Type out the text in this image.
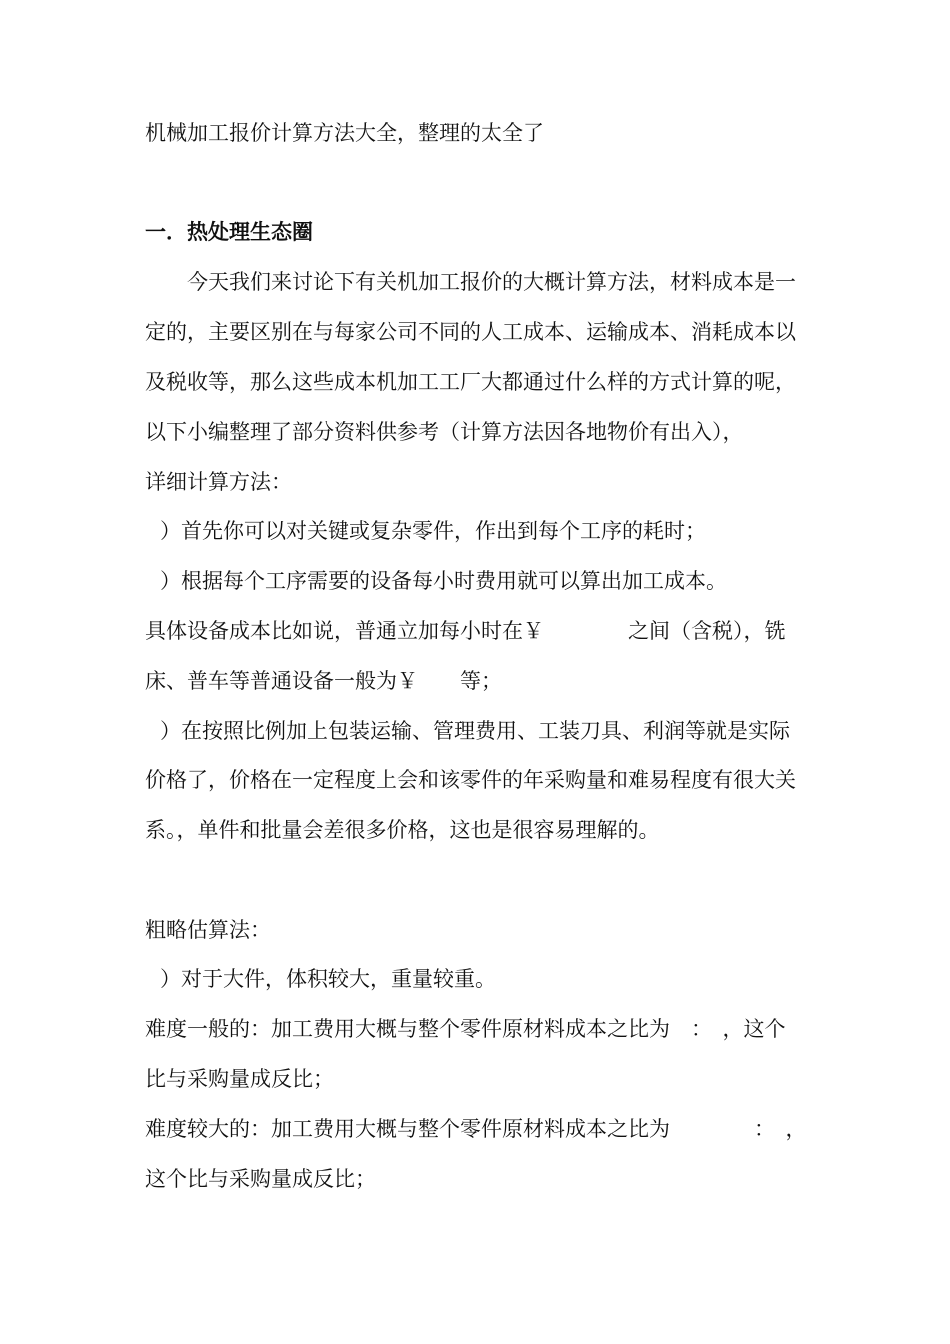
机械加工报价计算方法大全，整理的太全了

一．热处理生态圈

今天我们来讨论下有关机加工报价的大概计算方法，材料成本是一

定的，主要区别在与每家公司不同的人工成本、运输成本、消耗成本以

及税收等，那么这些成本机加工工厂大都通过什么样的方式计算的呢，

以下小编整理了部分资料供参考（计算方法因各地物价有出入），

详细计算方法：

）首先你可以对关键或复杂零件，作出到每个工序的耗时；

）根据每个工序需要的设备每小时费用就可以算出加工成本。

具体设备成本比如说，普通立加每小时在￥　　　　之间（含税），铣

床、普车等普通设备一般为￥　　等；

）在按照比例加上包装运输、管理费用、工装刀具、利润等就是实际

价格了，价格在一定程度上会和该零件的年采购量和难易程度有很大关

系。，单件和批量会差很多价格，这也是很容易理解的。

粗略估算法：

）对于大件，体积较大，重量较重。

难度一般的：加工费用大概与整个零件原材料成本之比为　：　，这个

比与采购量成反比；

难度较大的：加工费用大概与整个零件原材料成本之比为　　　　：　，

这个比与采购量成反比；
